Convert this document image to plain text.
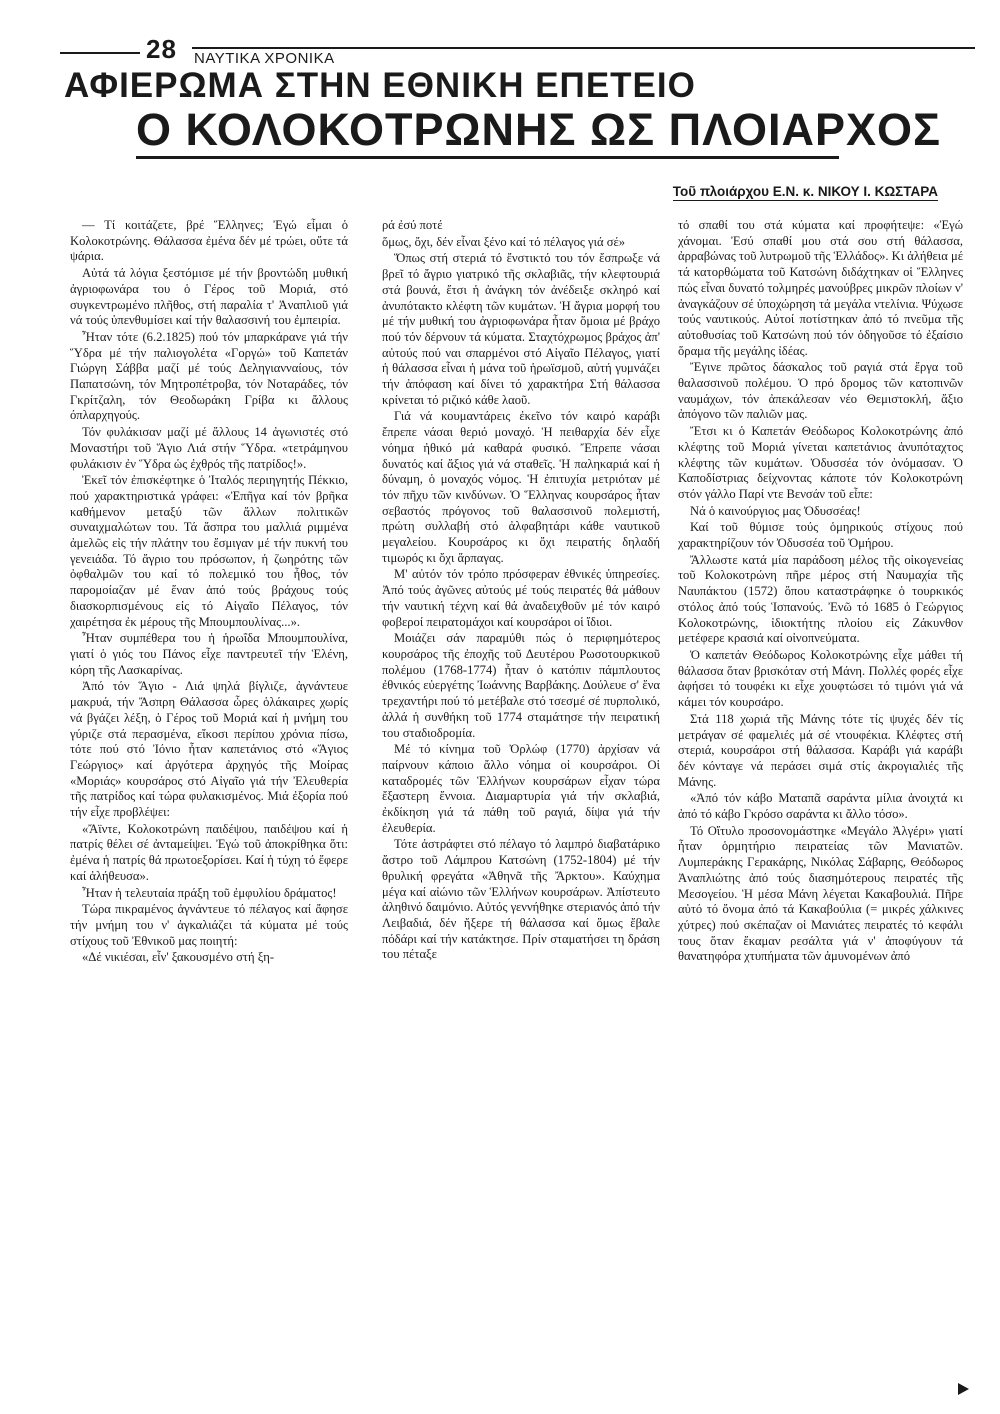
28 ΝΑΥΤΙΚΑ ΧΡΟΝΙΚΑ
ΑΦΙΕΡΩΜΑ ΣΤΗΝ ΕΘΝΙΚΗ ΕΠΕΤΕΙΟ
Ο ΚΟΛΟΚΟΤΡΩΝΗΣ ΩΣ ΠΛΟΙΑΡΧΟΣ
Τοῦ πλοιάρχου Ε.Ν. κ. ΝΙΚΟΥ Ι. ΚΩΣΤΑΡΑ

— Τί κοιτάζετε, βρέ Ἕλληνες; Ἐγώ εἶμαι ὁ Κολοκοτρώνης. Θάλασσα ἐμένα δέν μέ τρώει, οὔτε τά ψάρια.

Αὐτά τά λόγια ξεστόμισε μέ τήν βροντώδη μυθική ἀγριοφωνάρα του ὁ Γέρος τοῦ Μοριά, στό συγκεντρωμένο πλῆθος, στή παραλία τ' Ἀναπλιοῦ γιά νά τούς ὑπενθυμίσει καί τήν θαλασσινή του ἐμπειρία.

Ἦταν τότε (6.2.1825) πού τόν μπαρκάρανε γιά τήν Ὕδρα μέ τήν παλιογολέτα «Γοργώ» τοῦ Καπετάν Γιώργη Σάββα μαζί μέ τούς Δεληγιανναίους, τόν Παπατσώνη, τόν Μητροπέτροβα, τόν Νοταράδες, τόν Γκρίτζαλη, τόν Θεοδωράκη Γρίβα κι ἄλλους όπλαρχηγούς.

Τόν φυλάκισαν μαζί μέ ἄλλους 14 ἀγωνιστές στό Μοναστήρι τοῦ Ἅγιο Λιά στήν Ὕδρα. «τετράμηνου φυλάκισιν ἐν Ὕδρα ὡς ἐχθρός τῆς πατρίδος!».

Ἐκεῖ τόν ἐπισκέφτηκε ὁ Ἰταλός περιηγητής Πέκκιο, πού χαρακτηριστικά γράφει: «Ἐπῆγα καί τόν βρῆκα καθήμενον μεταξύ τῶν ἄλλων πολιτικῶν συναιχμαλώτων του. Τά ἄσπρα του μαλλιά ριμμένα ἀμελῶς εἰς τήν πλάτην του ἔσμιγαν μέ τήν πυκνή του γενειάδα. Τό ἄγριο του πρόσωπον, ἡ ζωηρότης τῶν ὀφθαλμῶν του καί τό πολεμικό του ἦθος, τόν παρομοίαζαν μέ ἕναν ἀπό τούς βράχους τούς διασκορπισμένους εἰς τό Αἰγαῖο Πέλαγος, τόν χαιρέτησα ἐκ μέρους τῆς Μπουμπουλίνας...».

Ἦταν συμπέθερα του ἡ ἡρωΐδα Μπουμπουλίνα, γιατί ὁ γιός του Πάνος εἶχε παντρευτεῖ τήν Ἑλένη, κόρη τῆς Λασκαρίνας.

Ἀπό τόν Ἅγιο - Λιά ψηλά βίγλιζε, ἀγνάντευε μακρυά, τήν Ἄσπρη Θάλασσα ὧρες ὁλάκαιρες χωρίς νά βγάζει λέξη, ὁ Γέρος τοῦ Μοριά καί ἡ μνήμη του γύριζε στά περασμένα, εἴκοσι περίπου χρόνια πίσω, τότε πού στό Ἰόνιο ἦταν καπετάνιος στό «Ἅγιος Γεώργιος» καί ἀργότερα ἀρχηγός τῆς Μοίρας «Μοριάς» κουρσάρος στό Αἰγαῖο γιά τήν Ἐλευθερία τῆς πατρίδος καί τώρα φυλακισμένος. Μιά ἐξορία πού τήν εἶχε προβλέψει:

«Ἄϊντε, Κολοκοτρώνη παιδέψου, παιδέψου καί ἡ πατρίς θέλει σέ ἀνταμείψει. Ἐγώ τοῦ ἀποκρίθηκα ὅτι: ἐμένα ἡ πατρίς θά πρωτοεξορίσει. Καί ἡ τύχη τό ἔφερε καί ἀλήθευσα».

Ἦταν ἡ τελευταία πράξη τοῦ ἐμφυλίου δράματος!

Τώρα πικραμένος ἀγνάντευε τό πέλαγος καί ἄφησε τήν μνήμη του ν' ἀγκαλιάζει τά κύματα μέ τούς στίχους τοῦ Ἐθνικοῦ μας ποιητή:

«Δέ νικιέσαι, εἶν' ξακουσμένο στή ξη-

ρά ἐσύ ποτέ

ὅμως, ὄχι, δέν εἶναι ξένο καί τό πέλαγος γιά σέ»

Ὅπως στή στεριά τό ἔνστικτό του τόν ἔσπρωξε νά βρεῖ τό ἄγριο γιατρικό τῆς σκλαβιᾶς, τήν κλεφτουριά στά βουνά, ἔτσι ἡ ἀνάγκη τόν ἀνέδειξε σκληρό καί ἀνυπότακτο κλέφτη τῶν κυμάτων. Ἡ ἄγρια μορφή του μέ τήν μυθική του ἀγριοφωνάρα ἦταν ὅμοια μέ βράχο πού τόν δέρνουν τά κύματα. Σταχτόχρωμος βράχος ἀπ' αὐτούς πού ναι σπαρμένοι στό Αἰγαῖο Πέλαγος, γιατί ἡ θάλασσα εἶναι ἡ μάνα τοῦ ἡρωϊσμοῦ, αὐτή γυμνάζει τήν ἀπόφαση καί δίνει τό χαρακτήρα Στή θάλασσα κρίνεται τό ριζικό κάθε λαοῦ.

Γιά νά κουμαντάρεις ἐκεῖνο τόν καιρό καράβι ἔπρεπε νάσαι θεριό μοναχό. Ἡ πειθαρχία δέν εἶχε νόημα ἠθικό μά καθαρά φυσικό. Ἔπρεπε νάσαι δυνατός καί ἄξιος γιά νά σταθεῖς. Ἡ παληκαριά καί ἡ δύναμη, ὁ μοναχός νόμος. Ἡ ἐπιτυχία μετριόταν μέ τόν πῆχυ τῶν κινδύνων. Ὁ Ἕλληνας κουρσάρος ἦταν σεβαστός πρόγονος τοῦ θαλασσινοῦ πολεμιστή, πρώτη συλλαβή στό ἀλφαβητάρι κάθε ναυτικοῦ μεγαλείου. Κουρσάρος κι ὄχι πειρατής δηλαδή τιμωρός κι ὄχι ἅρπαγας.

Μ' αὐτόν τόν τρόπο πρόσφεραν ἐθνικές ὑπηρεσίες. Ἀπό τούς ἀγῶνες αὐτούς μέ τούς πειρατές θά μάθουν τήν ναυτική τέχνη καί θά ἀναδειχθοῦν μέ τόν καιρό φοβεροί πειρατομάχοι καί κουρσάροι οἱ ἴδιοι.

Μοιάζει σάν παραμύθι πώς ὁ περιφημότερος κουρσάρος τῆς ἐποχῆς τοῦ Δευτέρου Ρωσοτουρκικοῦ πολέμου (1768-1774) ἦταν ὁ κατόπιν πάμπλουτος ἐθνικός εὐεργέτης Ἰωάννης Βαρβάκης. Δούλευε σ' ἕνα τρεχαντήρι πού τό μετέβαλε στό τσεσμέ σέ πυρπολικό, ἀλλά ἡ συνθήκη τοῦ 1774 σταμάτησε τήν πειρατική του σταδιοδρομία.

Μέ τό κίνημα τοῦ Ὀρλώφ (1770) ἀρχίσαν νά παίρνουν κάποιο ἄλλο νόημα οἱ κουρσάροι. Οἱ καταδρομές τῶν Ἑλλήνων κουρσάρων εἶχαν τώρα ἔξαστερη ἔννοια. Διαμαρτυρία γιά τήν σκλαβιά, ἐκδίκηση γιά τά πάθη τοῦ ραγιά, δίψα γιά τήν ἐλευθερία.

Τότε ἀστράφτει στό πέλαγο τό λαμπρό διαβατάρικο ἄστρο τοῦ Λάμπρου Κατσώνη (1752-1804) μέ τήν θρυλική φρεγάτα «Ἀθηνᾶ τῆς Ἄρκτου». Καύχημα μέγα καί αἰώνιο τῶν Ἑλλήνων κουρσάρων. Ἀπίστευτο ἀληθινό δαιμόνιο. Αὐτός γεννήθηκε στεριανός ἀπό τήν Λειβαδιά, δέν ἤξερε τή θάλασσα καί ὅμως ἔβαλε πόδάρι καί τήν κατάκτησε. Πρίν σταματήσει τη δράση του πέταξε

τό σπαθί του στά κύματα καί προφήτεψε: «Ἐγώ χάνομαι. Ἐσύ σπαθί μου στά σου στή θάλασσα, ἀρραβώνας τοῦ λυτρωμοῦ τῆς Ἑλλάδος». Κι ἀλήθεια μέ τά κατορθώματα τοῦ Κατσώνη διδάχτηκαν οἱ Ἕλληνες πώς εἶναι δυνατό τολμηρές μανούβρες μικρῶν πλοίων ν' ἀναγκάζουν σέ ὑποχώρηση τά μεγάλα ντελίνια. Ψύχωσε τούς ναυτικούς. Αὐτοί ποτίστηκαν ἀπό τό πνεῦμα τῆς αὐτοθυσίας τοῦ Κατσώνη πού τόν ὁδηγοῦσε τό ἐξαίσιο ὅραμα τῆς μεγάλης ἰδέας.

Ἔγινε πρῶτος δάσκαλος τοῦ ραγιά στά ἔργα τοῦ θαλασσινοῦ πολέμου. Ὁ πρό δρομος τῶν κατοπινῶν ναυμάχων, τόν ἀπεκάλεσαν νέο Θεμιστοκλή, ἄξιο ἀπόγονο τῶν παλιῶν μας.

Ἔτσι κι ὁ Καπετάν Θεόδωρος Κολοκοτρώνης ἀπό κλέφτης τοῦ Μοριά γίνεται καπετάνιος ἀνυπόταχτος κλέφτης τῶν κυμάτων. Ὀδυσσέα τόν ὀνόμασαν. Ὁ Καποδίστριας δείχνοντας κάποτε τόν Κολοκοτρώνη στόν γάλλο Παρί ντε Βενσάν τοῦ εἶπε:

Νά ὁ καινούργιος μας Ὀδυσσέας!

Καί τοῦ θύμισε τούς ὁμηρικούς στίχους πού χαρακτηρίζουν τόν Ὀδυσσέα τοῦ Ὁμήρου.

Ἄλλωστε κατά μία παράδοση μέλος τῆς οἰκογενείας τοῦ Κολοκοτρώνη πῆρε μέρος στή Ναυμαχία τῆς Ναυπάκτου (1572) ὅπου καταστράφηκε ὁ τουρκικός στόλος ἀπό τούς Ἱσπανούς. Ἐνῶ τό 1685 ὁ Γεώργιος Κολοκοτρώνης, ἰδιοκτήτης πλοίου εἰς Ζάκυνθον μετέφερε κρασιά καί οἰνοπνεύματα.

Ὁ καπετάν Θεόδωρος Κολοκοτρώνης εἶχε μάθει τή θάλασσα ὅταν βρισκόταν στή Μάνη. Πολλές φορές εἶχε ἀφήσει τό τουφέκι κι εἶχε χουφτώσει τό τιμόνι γιά νά κάμει τόν κουρσάρο.

Στά 118 χωριά τῆς Μάνης τότε τίς ψυχές δέν τίς μετράγαν σέ φαμελιές μά σέ ντουφέκια. Κλέφτες στή στεριά, κουρσάροι στή θάλασσα. Καράβι γιά καράβι δέν κόνταγε νά περάσει σιμά στίς ἀκρογιαλιές τῆς Μάνης.

«Ἀπό τόν κάβο Ματαπᾶ σαράντα μίλια ἀνοιχτά κι ἀπό τό κάβο Γκρόσο σαράντα κι ἄλλο τόσο».

Τό Οἴτυλο προσονομάστηκε «Μεγάλο Ἀλγέρι» γιατί ἦταν ὁρμητήριο πειρατείας τῶν Μανιατῶν. Λυμπεράκης Γερακάρης, Νικόλας Σάβαρης, Θεόδωρος Ἀναπλιώτης ἀπό τούς διασημότερους πειρατές τῆς Μεσογείου. Ἡ μέσα Μάνη λέγεται Κακαβουλιά. Πῆρε αὐτό τό ὄνομα ἀπό τά Κακαβούλια (= μικρές χάλκινες χύτρες) πού σκέπαζαν οἱ Μανιάτες πειρατές τό κεφάλι τους ὅταν ἔκαμαν ρεσάλτα γιά ν' ἀποφύγουν τά θανατηφόρα χτυπήματα τῶν ἀμυνομένων ἀπό
